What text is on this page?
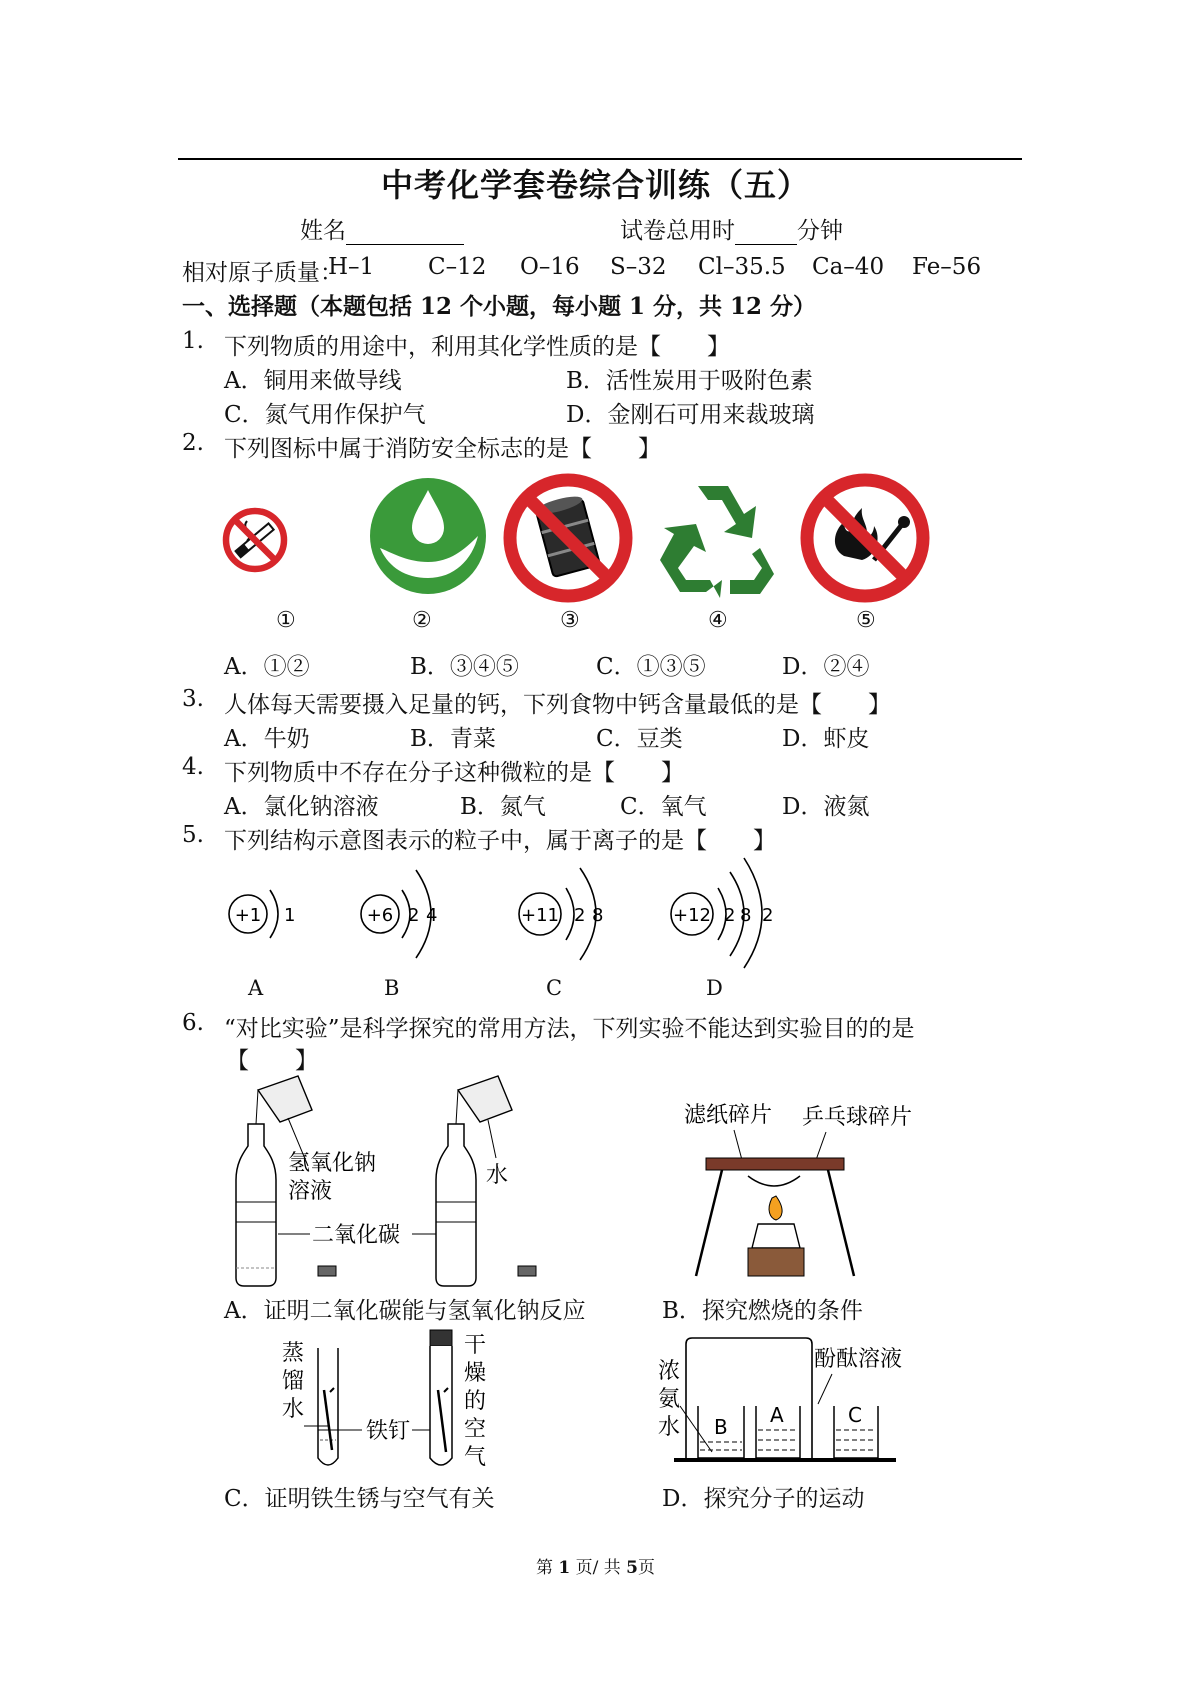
中考化学套卷综合训练（五）
姓名	试卷总用时	分钟
相对原子质量：
H–1 C–12 O–16 S–32 Cl–35.5 Ca–40 Fe–56
一、选择题（本题包括 12 个小题，每小题 1 分，共 12 分）
1. 下列物质的用途中，利用其化学性质的是【　　】
A．铜用来做导线	B．活性炭用于吸附色素
C．氮气用作保护气	D．金刚石可用来裁玻璃
2. 下列图标中属于消防安全标志的是【　　】
①	②	③	④	⑤
A．①②	B．③④⑤	C．①③⑤	D．②④
3. 人体每天需要摄入足量的钙，下列食物中钙含量最低的是【　　】
A．牛奶	B．青菜	C．豆类	D．虾皮
4. 下列物质中不存在分子这种微粒的是【　　】
A．氯化钠溶液	B．氮气	C．氧气	D．液氮
5. 下列结构示意图表示的粒子中，属于离子的是【　　】
+1 1	+6 2 4	+11 2 8	+12 2 8 2
A	B	C	D
6. “对比实验”是科学探究的常用方法，下列实验不能达到实验目的的是
【　　】
氢氧化钠
溶液
二氧化碳
水
滤纸碎片 乒乓球碎片
A．证明二氧化碳能与氢氧化钠反应	B．探究燃烧的条件
蒸
馏
水
铁钉
干
燥
的
空
气
浓
氨
水
酚酞溶液
B A	C
C．证明铁生锈与空气有关	D．探究分子的运动
第 1 页/ 共 5页
